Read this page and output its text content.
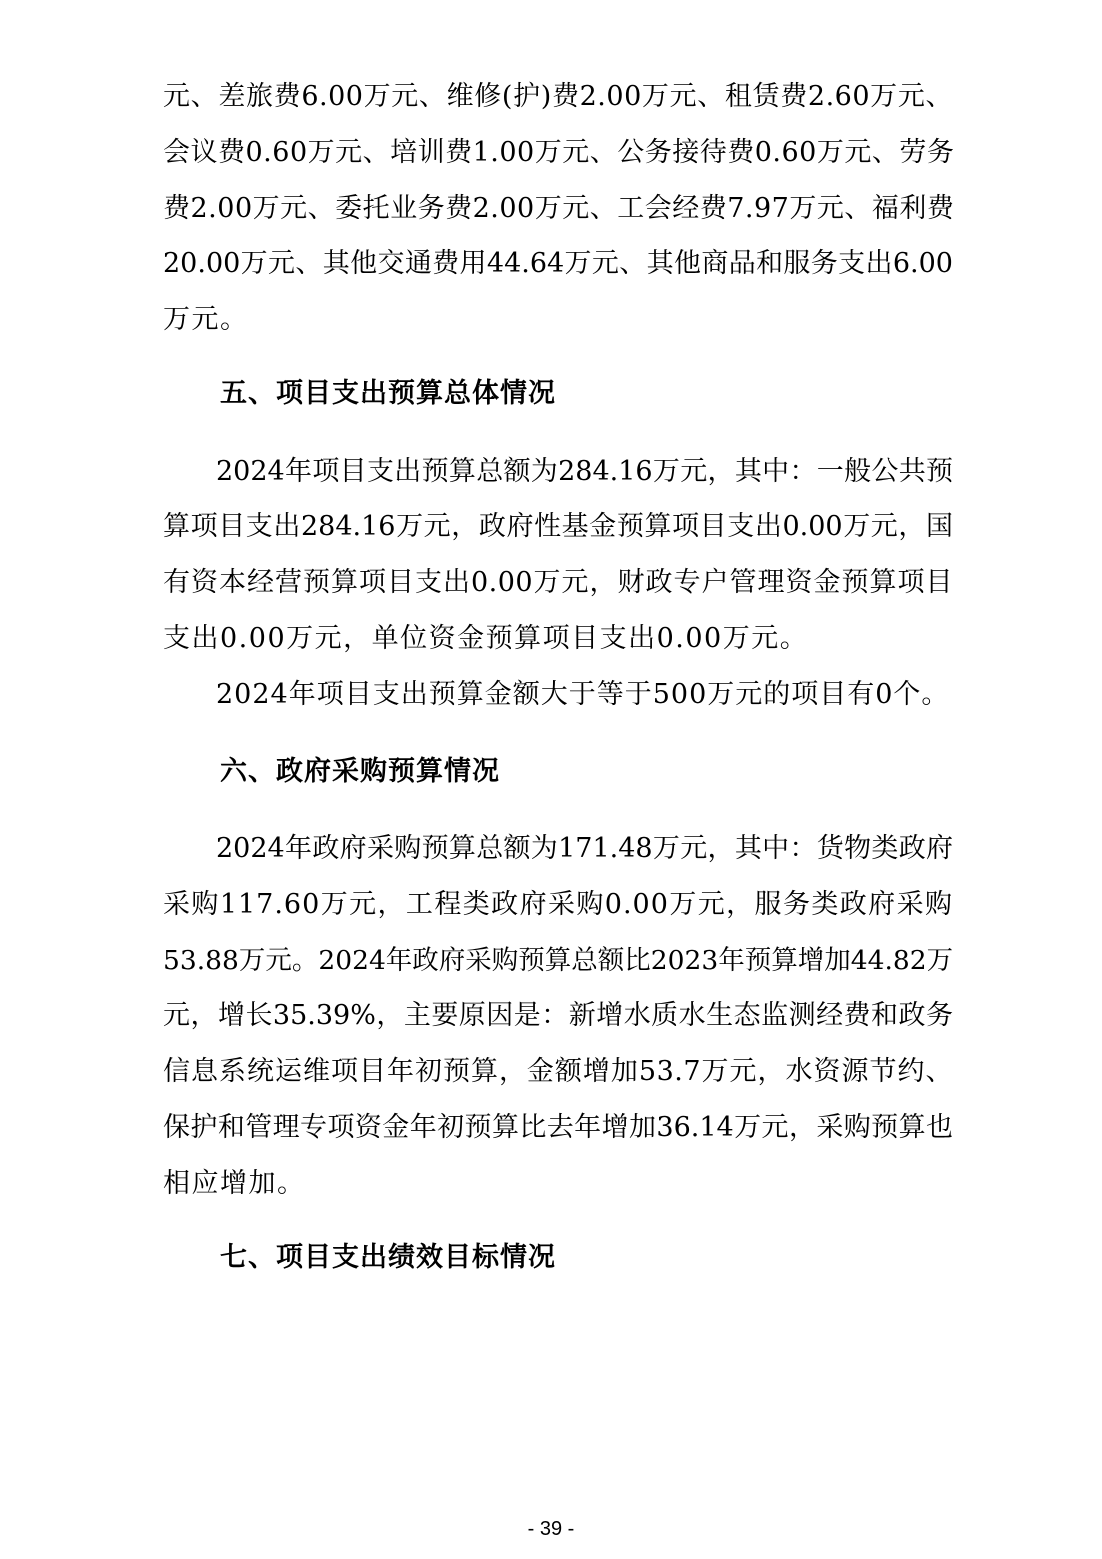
元、差旅费6.00万元、维修(护)费2.00万元、租赁费2.60万元、
会议费0.60万元、培训费1.00万元、公务接待费0.60万元、劳务
费2.00万元、委托业务费2.00万元、工会经费7.97万元、福利费
20.00万元、其他交通费用44.64万元、其他商品和服务支出6.00
万元。
五、项目支出预算总体情况
2024年项目支出预算总额为284.16万元，其中：一般公共预
算项目支出284.16万元，政府性基金预算项目支出0.00万元，国
有资本经营预算项目支出0.00万元，财政专户管理资金预算项目
支出0.00万元，单位资金预算项目支出0.00万元。
2024年项目支出预算金额大于等于500万元的项目有0个。
六、政府采购预算情况
2024年政府采购预算总额为171.48万元，其中：货物类政府
采购117.60万元，工程类政府采购0.00万元，服务类政府采购
53.88万元。2024年政府采购预算总额比2023年预算增加44.82万
元，增长35.39%，主要原因是：新增水质水生态监测经费和政务
信息系统运维项目年初预算，金额增加53.7万元，水资源节约、
保护和管理专项资金年初预算比去年增加36.14万元，采购预算也
相应增加。
七、项目支出绩效目标情况
- 39 -
